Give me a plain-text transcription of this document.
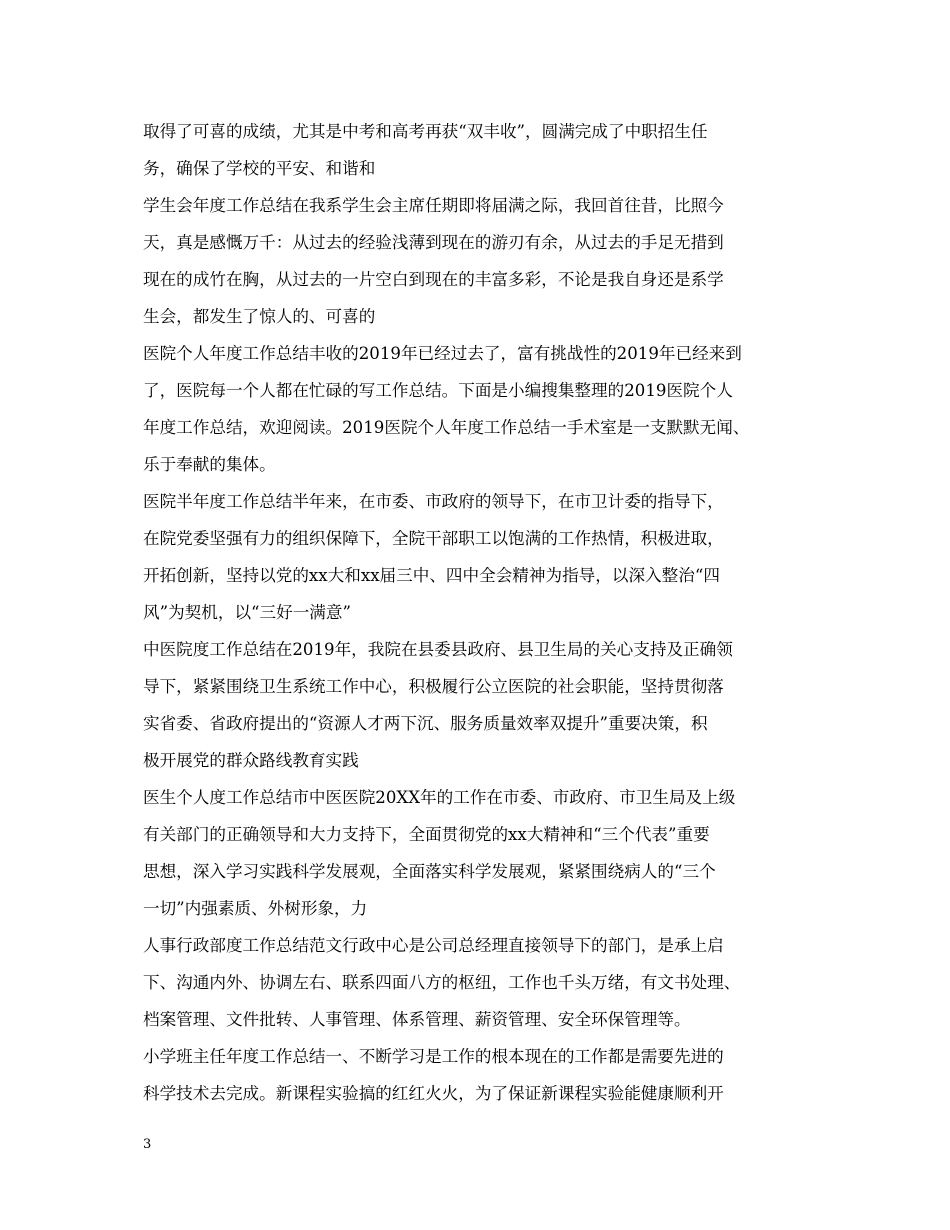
取得了可喜的成绩，尤其是中考和高考再获“双丰收”，圆满完成了中职招生任
务，确保了学校的平安、和谐和
学生会年度工作总结在我系学生会主席任期即将届满之际，我回首往昔，比照今
天，真是感慨万千：从过去的经验浅薄到现在的游刃有余，从过去的手足无措到
现在的成竹在胸，从过去的一片空白到现在的丰富多彩，不论是我自身还是系学
生会，都发生了惊人的、可喜的
医院个人年度工作总结丰收的2019年已经过去了，富有挑战性的2019年已经来到
了，医院每一个人都在忙碌的写工作总结。下面是小编搜集整理的2019医院个人
年度工作总结，欢迎阅读。2019医院个人年度工作总结一手术室是一支默默无闻、
乐于奉献的集体。
医院半年度工作总结半年来，在市委、市政府的领导下，在市卫计委的指导下，
在院党委坚强有力的组织保障下，全院干部职工以饱满的工作热情，积极进取，
开拓创新，坚持以党的xx大和xx届三中、四中全会精神为指导，以深入整治“四
风”为契机，以“三好一满意”
中医院度工作总结在2019年，我院在县委县政府、县卫生局的关心支持及正确领
导下，紧紧围绕卫生系统工作中心，积极履行公立医院的社会职能，坚持贯彻落
实省委、省政府提出的“资源人才两下沉、服务质量效率双提升”重要决策，积
极开展党的群众路线教育实践
医生个人度工作总结市中医医院20XX年的工作在市委、市政府、市卫生局及上级
有关部门的正确领导和大力支持下，全面贯彻党的xx大精神和“三个代表”重要
思想，深入学习实践科学发展观，全面落实科学发展观，紧紧围绕病人的“三个
一切”内强素质、外树形象，力
人事行政部度工作总结范文行政中心是公司总经理直接领导下的部门，是承上启
下、沟通内外、协调左右、联系四面八方的枢纽，工作也千头万绪，有文书处理、
档案管理、文件批转、人事管理、体系管理、薪资管理、安全环保管理等。
小学班主任年度工作总结一、不断学习是工作的根本现在的工作都是需要先进的
科学技术去完成。新课程实验搞的红红火火，为了保证新课程实验能健康顺利开
3
